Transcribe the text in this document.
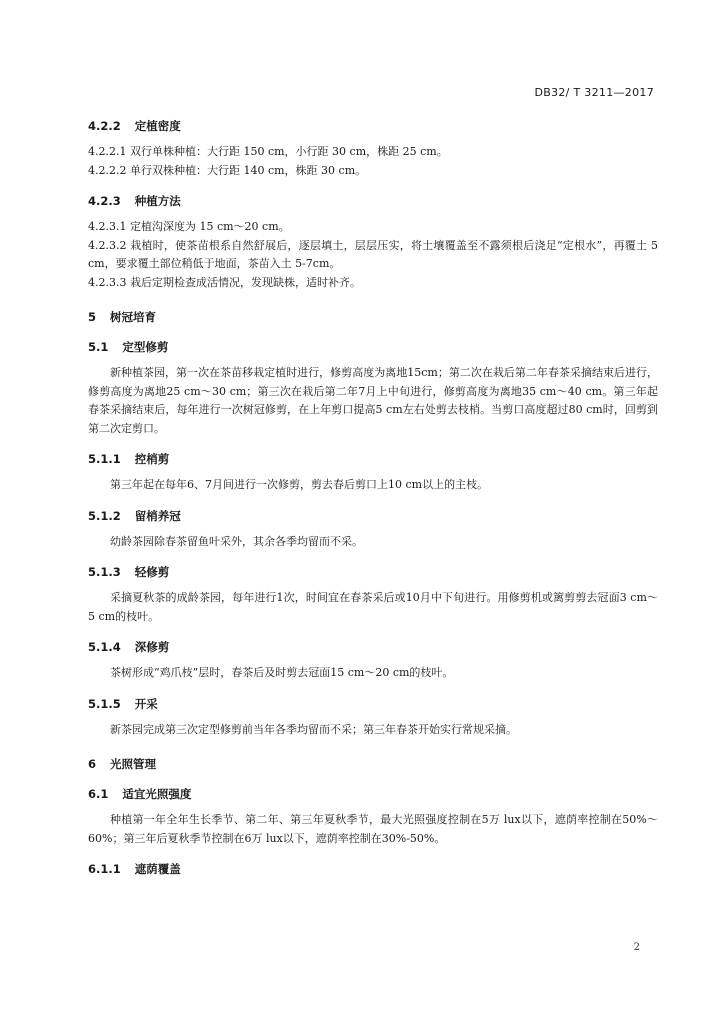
DB32/ T 3211—2017

4.2.2 定植密度

4.2.2.1 双行单株种植：大行距 150 cm，小行距 30 cm，株距 25 cm。

4.2.2.2 单行双株种植：大行距 140 cm，株距 30 cm。

4.2.3 种植方法

4.2.3.1 定植沟深度为 15 cm～20 cm。

4.2.3.2 栽植时，使茶苗根系自然舒展后，逐层填土，层层压实，将土壤覆盖至不露须根后浇足“定根水”，再覆土 5 cm，要求覆土部位稍低于地面，茶苗入土 5-7cm。

4.2.3.3 栽后定期检查成活情况，发现缺株，适时补齐。

5 树冠培育

5.1 定型修剪

新种植茶园，第一次在茶苗移栽定植时进行，修剪高度为离地15cm；第二次在栽后第二年春茶采摘结束后进行，修剪高度为离地25 cm～30 cm；第三次在栽后第二年7月上中旬进行，修剪高度为离地35 cm～40 cm。第三年起春茶采摘结束后，每年进行一次树冠修剪，在上年剪口提高5 cm左右处剪去枝梢。当剪口高度超过80 cm时，回剪到第二次定剪口。

5.1.1 控梢剪

第三年起在每年6、7月间进行一次修剪，剪去春后剪口上10 cm以上的主枝。

5.1.2 留梢养冠

幼龄茶园除春茶留鱼叶采外，其余各季均留而不采。

5.1.3 轻修剪

采摘夏秋茶的成龄茶园，每年进行1次，时间宜在春茶采后或10月中下旬进行。用修剪机或篱剪剪去冠面3 cm～5 cm的枝叶。

5.1.4 深修剪

茶树形成“鸡爪枝”层时，春茶后及时剪去冠面15 cm～20 cm的枝叶。

5.1.5 开采

新茶园完成第三次定型修剪前当年各季均留而不采；第三年春茶开始实行常规采摘。

6 光照管理

6.1 适宜光照强度

种植第一年全年生长季节、第二年、第三年夏秋季节，最大光照强度控制在5万 lux以下，遮荫率控制在50%～60%；第三年后夏秋季节控制在6万 lux以下，遮荫率控制在30%-50%。

6.1.1 遮荫覆盖

2
